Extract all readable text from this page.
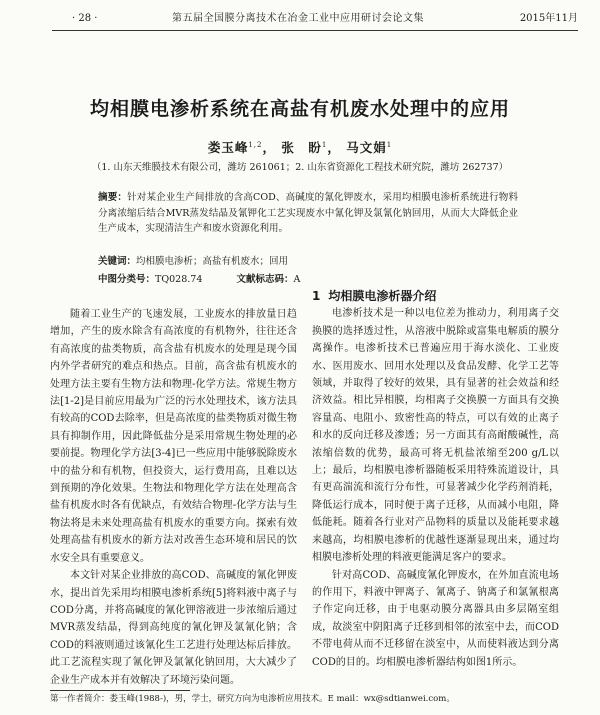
· 28 ·	第五届全国膜分离技术在冶金工业中应用研讨会论文集	2015年11月
均相膜电渗析系统在高盐有机废水处理中的应用
娄玉峰$^{1,2}$， 张　盼$^1$， 马文娟$^1$
（1. 山东天维膜技术有限公司，潍坊 261061；2. 山东省资源化工程技术研究院，潍坊 262737）
摘要：针对某企业生产间排放的含高COD、高碱度的氰化钾废水，采用均相膜电渗析系统进行物料分离浓缩后结合MVR蒸发结晶及氰钾化工艺实现废水中氰化钾及氯氰化钠回用，从而大大降低企业生产成本，实现清洁生产和废水资源化利用。
关键词：均相膜电渗析；高盐有机废水；回用
中图分类号：TQ028.74	文献标志码：A

随着工业生产的飞速发展，工业废水的排放量日趋增加，产生的废水除含有高浓度的有机物外，往往还含有高浓度的盐类物质，高含盐有机废水的处理是现今国内外学者研究的难点和热点。目前，高含盐有机废水的处理方法主要有生物方法和物理-化学方法。常规生物方法[1-2]是目前应用最为广泛的污水处理技术，该方法具有较高的COD去除率，但是高浓度的盐类物质对微生物具有抑制作用，因此降低盐分是采用常规生物处理的必要前提。物理化学方法[3-4]已一些应用中能够脱除废水中的盐分和有机物，但投资大，运行费用高，且难以达到预期的净化效果。生物法和物理化学方法在处理高含盐有机废水时各有优缺点，有效结合物理-化学方法与生物法将是未来处理高盐有机废水的重要方向。探索有效处理高盐有机废水的新方法对改善生态环境和居民的饮水安全具有重要意义。

本文针对某企业排放的高COD、高碱度的氰化钾废水，提出首先采用均相膜电渗析系统[5]将料液中离子与COD分离，并将高碱度的氰化钾溶液进一步浓缩后通过MVR蒸发结晶，得到高纯度的氰化钾及氯氰化钠；含COD的料液则通过该氰化生工艺进行处理达标后排放。此工艺流程实现了氰化钾及氯氰化钠回用，大大减少了企业生产成本并有效解决了环境污染问题。

1 均相膜电渗析器介绍

电渗析技术是一种以电位差为推动力，利用离子交换膜的选择透过性，从溶液中脱除或富集电解质的膜分离操作。电渗析技术已普遍应用于海水淡化、工业废水、医用废水、回用水处理以及食品发酵、化学工艺等领域，并取得了较好的效果，具有显著的社会效益和经济效益。相比异相膜，均相离子交换膜一方面具有交换容量高、电阻小、致密性高的特点，可以有效的止离子和水的反向迁移及渗透；另一方面其有高耐酸碱性，高浓缩倍数的优势，最高可将无机盐浓缩至200 g/L以上；最后，均相膜电渗析器随板采用特殊流道设计，具有更高湍流和流行分布性，可显著减少化学药剂消耗，降低运行成本，同时便于离子迁移，从而减小电阻，降低能耗。随着各行业对产品物料的质量以及能耗要求越来越高，均相膜电渗析的优越性逐渐显现出来，通过均相膜电渗析处理的料液更能满足客户的要求。

针对高COD、高碱度氰化钾废水，在外加直流电场的作用下，料液中钾离子、氰离子、钠离子和氯氰根离子作定向迁移，由于电驱动膜分离器具由多层隔室组成，故淡室中阴阳离子迁移到相邻的浓室中去，而COD不带电荷从而不迁移留在淡室中，从而使料液达到分离COD的目的。均相膜电渗析器结构如图1所示。

第一作者简介：娄玉峰(1988-)，男，学士，研究方向为电渗析应用技术。E mail：wx@sdtianwei.com。
